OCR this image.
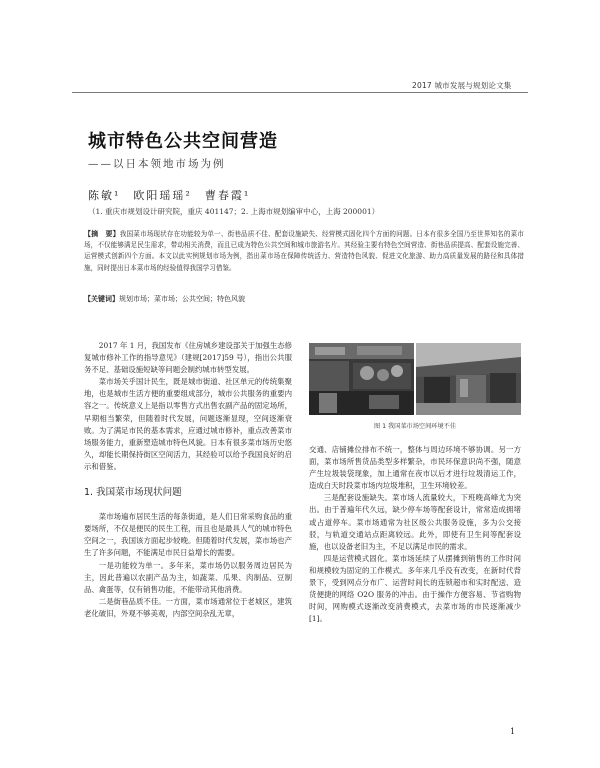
2017 城市发展与规划论文集
城市特色公共空间营造
——以日本领地市场为例
陈敏¹　欧阳瑶瑶²　曹春霞¹
（1. 重庆市规划设计研究院，重庆 401147；2. 上海市规划编审中心，上海 200001）
【摘　要】我国菜市场现状存在功能较为单一、街巷品质不佳、配套设施缺失、经营模式固化四个方面的问题。日本有很多全国乃至世界知名的菜市场，不仅能够满足民生需求，带动相关消费，而且已成为特色公共空间和城市旅游名片。其经验主要有特色空间营造、街巷品质提高、配套设施完善、运营模式创新四个方面。本文以此实例规划市场为例，指出菜市场在保障传统活力、营造特色风貌、促进文化旅游、助力高质量发展的路径和具体措施，同时提出日本菜市场的经验值得我国学习借鉴。
【关键词】规划市场；菜市场；公共空间；特色风貌

2017 年 1 月，我国发布《住房城乡建设部关于加强生态修复城市修补工作的指导意见》（建规[2017]59 号），指出公共服务不足、基础设施短缺等问题会制约城市转型发展。

菜市场关乎国计民生，既是城市街道、社区单元的传统集聚地，也是城市生活方便的重要组成部分，城市公共服务的重要内容之一。传统意义上是指以零售方式出售农副产品的固定场所，早期相当繁荣，但随着时代发展，问题逐渐显现，空间逐渐衰败。为了满足市民的基本需求，应通过城市修补，重点改善菜市场服务能力，重新塑造城市特色风貌。日本有很多菜市场历史悠久，却能长期保持街区空间活力，其经验可以给予我国良好的启示和借鉴。

1. 我国菜市场现状问题

菜市场遍布居民生活的每条街道，是人们日常采购食品的重要场所，不仅是便民的民生工程，而且也是最具人气的城市特色空间之一，我国该方面起步较晚。但随着时代发展，菜市场也产生了许多问题，不能满足市民日益增长的需要。

一是功能较为单一。多年来，菜市场仍以服务周边居民为主，因此普遍以农副产品为主，如蔬菜、瓜果、肉制品、豆制品、禽蛋等，仅有销售功能，不能带动其他消费。

二是街巷品质不佳。一方面，菜市场通常位于老城区，建筑老化破旧，外观不够美观，内部空间杂乱无章，

图 1 我国菜市场空间环境不佳

交通、店铺摊位排布不统一，整体与周边环境不够协调。另一方面，菜市场所售货品类型多样繁杂，市民环保意识尚不强，随意产生垃圾装袋现象，加上通常在夜市以后才进行垃圾清运工作，造成白天时段菜市场内垃圾堆积，卫生环境较差。

三是配套设施缺失。菜市场人流量较大，下班晚高峰尤为突出。由于普遍年代久远，缺少停车场等配套设计，常常造成拥堵或占道停车。菜市场通常为社区级公共服务设施，多为公交接驳，与轨道交通站点距离较远。此外，即使有卫生间等配套设施，也以设备老旧为主，不足以满足市民的需求。

四是运营模式固化。菜市场延续了从摆摊到销售的工作时间和规模较为固定的工作模式。多年来几乎没有改变，在新时代背景下，受到网点分布广、运营时间长的连锁超市和实时配送、造货便捷的网络 O2O 服务的冲击。由于操作方便容易、节省购物时间，网购模式逐渐改变消费模式，去菜市场的市民逐渐减少[1]。

1
